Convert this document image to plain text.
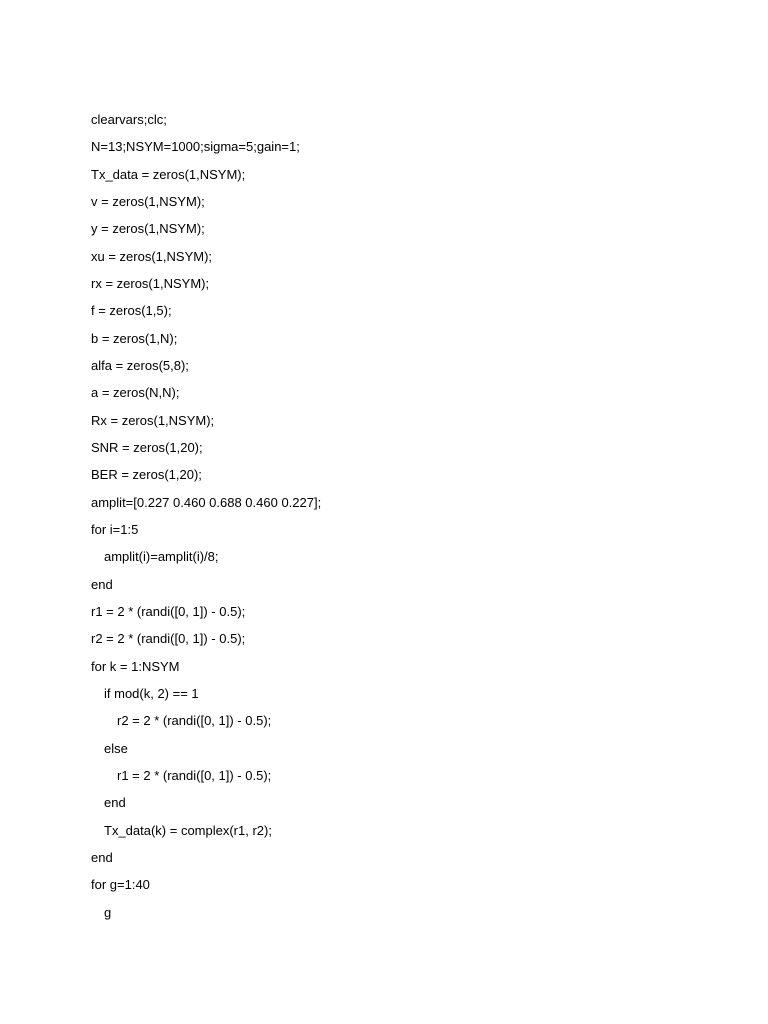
clearvars;clc;
N=13;NSYM=1000;sigma=5;gain=1;
Tx_data = zeros(1,NSYM);
v = zeros(1,NSYM);
y = zeros(1,NSYM);
xu = zeros(1,NSYM);
rx = zeros(1,NSYM);
f = zeros(1,5);
b = zeros(1,N);
alfa = zeros(5,8);
a = zeros(N,N);
Rx = zeros(1,NSYM);
SNR = zeros(1,20);
BER = zeros(1,20);
amplit=[0.227 0.460 0.688 0.460 0.227];
for i=1:5
amplit(i)=amplit(i)/8;
end
r1 = 2 * (randi([0, 1]) - 0.5);
r2 = 2 * (randi([0, 1]) - 0.5);
for k = 1:NSYM
if mod(k, 2) == 1
r2 = 2 * (randi([0, 1]) - 0.5);
else
r1 = 2 * (randi([0, 1]) - 0.5);
end
Tx_data(k) = complex(r1, r2);
end
for g=1:40
g
